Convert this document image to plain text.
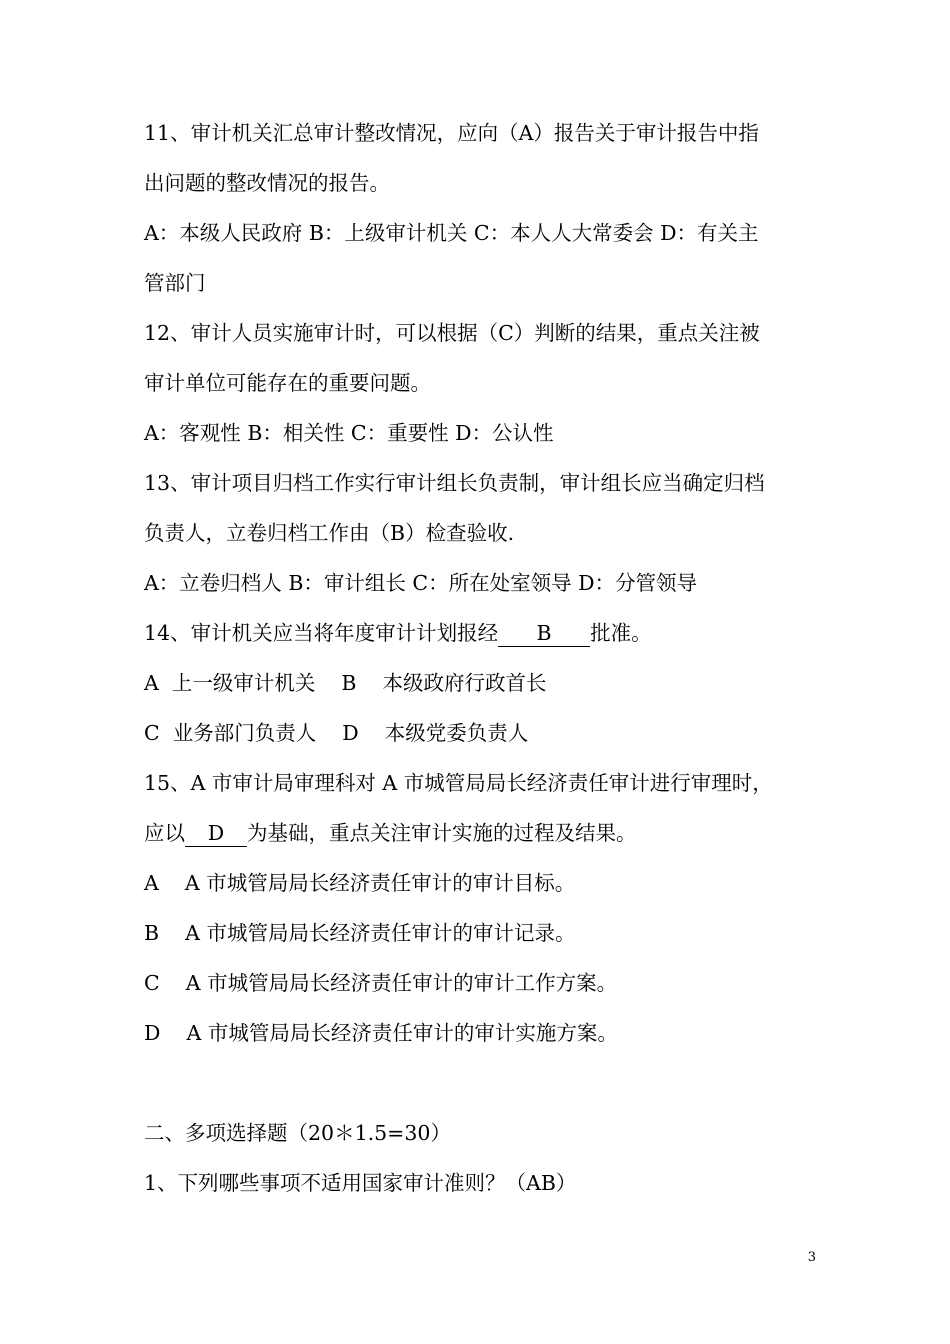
11、审计机关汇总审计整改情况，应向（A）报告关于审计报告中指
出问题的整改情况的报告。
A：本级人民政府 B：上级审计机关 C：本人人大常委会 D：有关主
管部门
12、审计人员实施审计时，可以根据（C）判断的结果，重点关注被
审计单位可能存在的重要问题。
A：客观性 B：相关性 C：重要性 D：公认性
13、审计项目归档工作实行审计组长负责制，审计组长应当确定归档
负责人，立卷归档工作由（B）检查验收.
A：立卷归档人 B：审计组长 C：所在处室领导 D：分管领导
14、审计机关应当将年度审计计划报经 B 批准。
A  上一级审计机关    B    本级政府行政首长
C  业务部门负责人    D    本级党委负责人
15、A 市审计局审理科对 A 市城管局局长经济责任审计进行审理时，
应以 D 为基础，重点关注审计实施的过程及结果。
A    A 市城管局局长经济责任审计的审计目标。
B    A 市城管局局长经济责任审计的审计记录。
C    A 市城管局局长经济责任审计的审计工作方案。
D    A 市城管局局长经济责任审计的审计实施方案。
二、多项选择题（20＊1.5=30）
1、下列哪些事项不适用国家审计准则？（AB）
3
